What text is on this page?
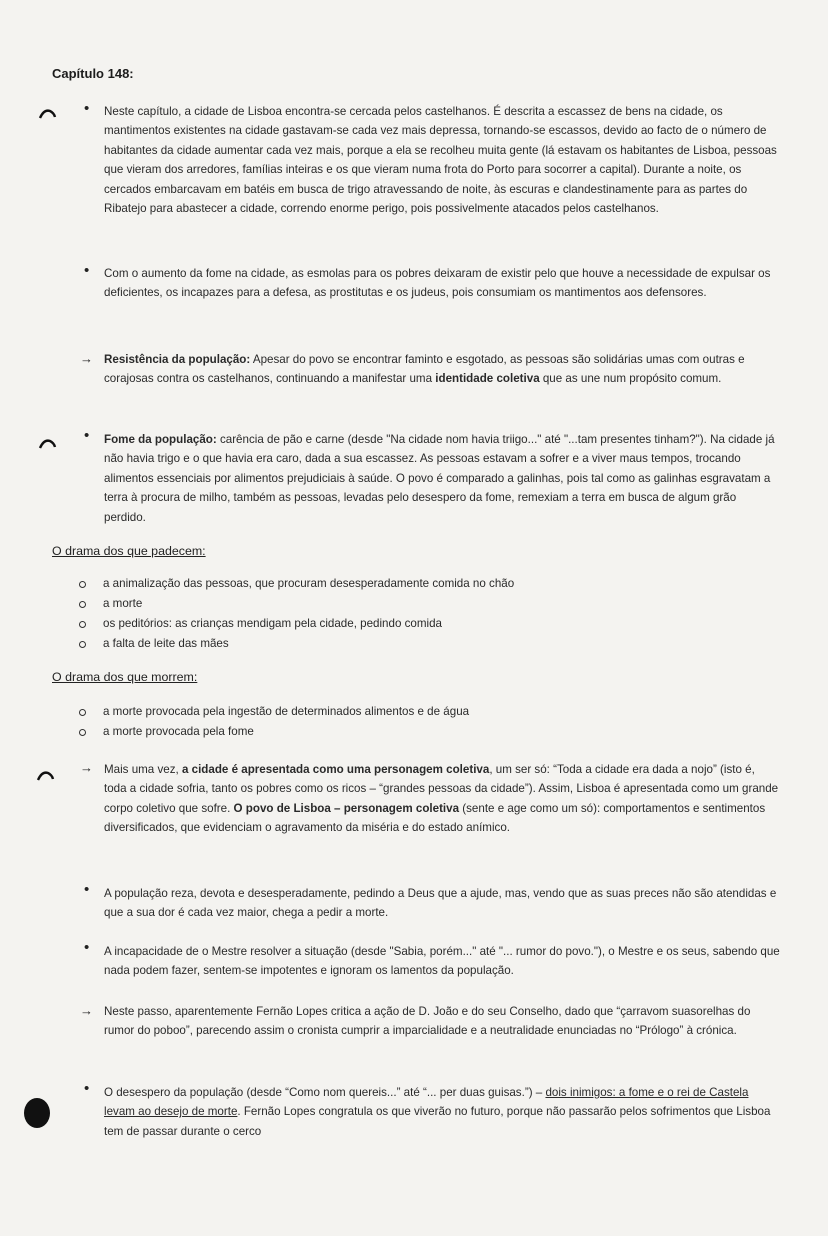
Capítulo 148:
• Neste capítulo, a cidade de Lisboa encontra-se cercada pelos castelhanos. É descrita a escassez de bens na cidade, os mantimentos existentes na cidade gastavam-se cada vez mais depressa, tornando-se escassos, devido ao facto de o número de habitantes da cidade aumentar cada vez mais, porque a ela se recolheu muita gente (lá estavam os habitantes de Lisboa, pessoas que vieram dos arredores, famílias inteiras e os que vieram numa frota do Porto para socorrer a capital). Durante a noite, os cercados embarcavam em batéis em busca de trigo atravessando de noite, às escuras e clandestinamente para as partes do Ribatejo para abastecer a cidade, correndo enorme perigo, pois possivelmente atacados pelos castelhanos.
• Com o aumento da fome na cidade, as esmolas para os pobres deixaram de existir pelo que houve a necessidade de expulsar os deficientes, os incapazes para a defesa, as prostitutas e os judeus, pois consumiam os mantimentos aos defensores.
→ Resistência da população: Apesar do povo se encontrar faminto e esgotado, as pessoas são solidárias umas com outras e corajosas contra os castelhanos, continuando a manifestar uma identidade coletiva que as une num propósito comum.
• Fome da população: carência de pão e carne (desde "Na cidade nom havia triigo..." até "...tam presentes tinham?"). Na cidade já não havia trigo e o que havia era caro, dada a sua escassez. As pessoas estavam a sofrer e a viver maus tempos, trocando alimentos essenciais por alimentos prejudiciais à saúde. O povo é comparado a galinhas, pois tal como as galinhas esgravatam a terra à procura de milho, também as pessoas, levadas pelo desespero da fome, remexiam a terra em busca de algum grão perdido.
O drama dos que padecem:
a animalização das pessoas, que procuram desesperadamente comida no chão
a morte
os peditórios: as crianças mendigam pela cidade, pedindo comida
a falta de leite das mães
O drama dos que morrem:
a morte provocada pela ingestão de determinados alimentos e de água
a morte provocada pela fome
→ Mais uma vez, a cidade é apresentada como uma personagem coletiva, um ser só: “Toda a cidade era dada a nojo” (isto é, toda a cidade sofria, tanto os pobres como os ricos – “grandes pessoas da cidade”). Assim, Lisboa é apresentada como um grande corpo coletivo que sofre. O povo de Lisboa – personagem coletiva (sente e age como um só): comportamentos e sentimentos diversificados, que evidenciam o agravamento da miséria e do estado anímico.
• A população reza, devota e desesperadamente, pedindo a Deus que a ajude, mas, vendo que as suas preces não são atendidas e que a sua dor é cada vez maior, chega a pedir a morte.
• A incapacidade de o Mestre resolver a situação (desde "Sabia, porém..." até "... rumor do povo."), o Mestre e os seus, sabendo que nada podem fazer, sentem-se impotentes e ignoram os lamentos da população.
→ Neste passo, aparentemente Fernão Lopes critica a ação de D. João e do seu Conselho, dado que “çarravom suasorelhas do rumor do poboo”, parecendo assim o cronista cumprir a imparcialidade e a neutralidade enunciadas no “Prólogo” à crónica.
• O desespero da população (desde “Como nom quereis...” até “... per duas guisas.”) – dois inimigos: a fome e o rei de Castela levam ao desejo de morte. Fernão Lopes congratula os que viverão no futuro, porque não passarão pelos sofrimentos que Lisboa tem de passar durante o cerco
